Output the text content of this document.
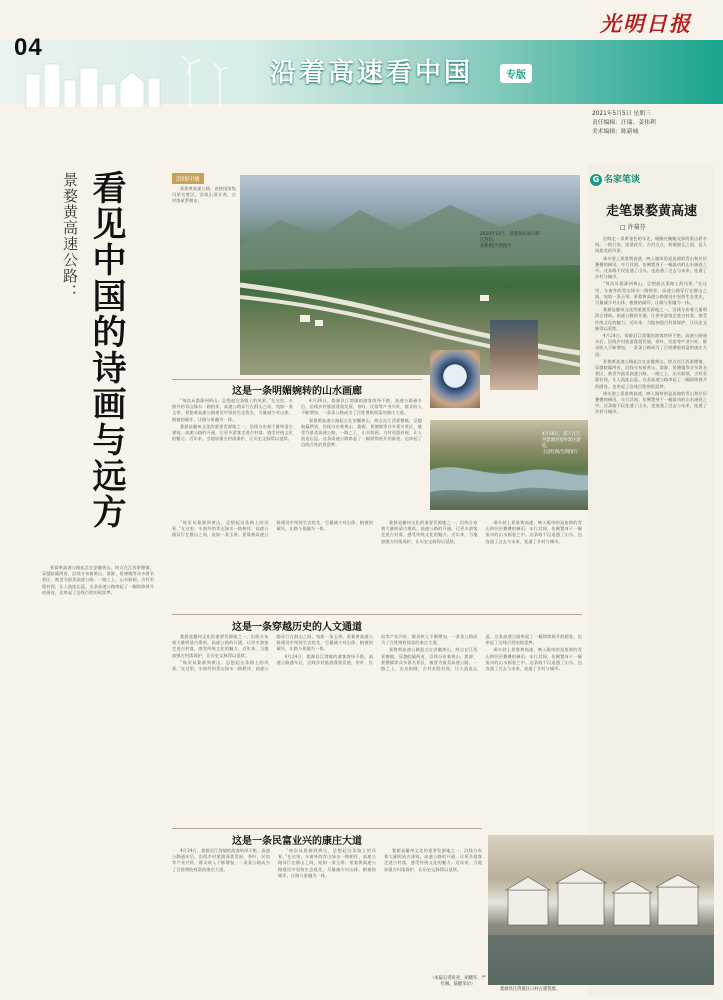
04
光明日报
沿着高速看中国	专版
2021年5月5日 星期三
责任编辑：汪瑞、姜伟利
美术编辑：陈新城
看见中国的诗画与远方
景婺黄高速公路：

景婺黄高速公路起点在安徽黄山，终点在江西景德镇，穿越皖赣两省，沿线分布着黄山、婺源、景德镇等众多著名景区，被誉为最美高速公路。一路之上，山水如画，古村若隐若现，让人流连忘返。这条高速公路串起了一幅徐徐展开的画卷，也串起了沿线百姓的致富梦。

沿线印象

景婺黄高速公路，连接国家级风景名胜区，沿线山清水秀，古村落星罗棋布。

2020年10月，景婺黄高速公路江西段。
胡新摄/光明图片
4月26日，游人在江西婺源县篁岭景区游览。
王国红摄/光明图片
这是一条明媚婉转的山水画廊

“每次从婺源到黄山，总想起这条路上的风景。”在这里，车窗外的青山绿水一路相伴，高速公路穿行在群山之间，宛如一条玉带。景婺黄高速公路建设中坚持生态优先，尽量减少对山体、植被的破坏，让路与景融为一体。

婺源是徽州文化的重要发源地之一，沿线分布着大量明清古建筑。高速公路的开通，让更多游客走进古村落，感受传统文化的魅力。近年来，当地加强古村落保护，让历史文脉得以延续。

4月24日，婺源县江湾镇的游客络绎不绝。高速公路通车后，沿线乡村旅游蓬勃发展，茶叶、民宿等产业兴旺，群众收入不断增加，一条条公路成为了百姓增收致富的康庄大道。

景婺黄高速公路起点在安徽黄山，终点在江西景德镇，穿越皖赣两省，沿线分布着黄山、婺源、景德镇等众多著名景区，被誉为最美高速公路。一路之上，山水如画，古村若隐若现，让人流连忘返。这条高速公路串起了一幅徐徐展开的画卷，也串起了沿线百姓的致富梦。

“每次从婺源到黄山，总想起这条路上的风景。”在这里，车窗外的青山绿水一路相伴，高速公路穿行在群山之间，宛如一条玉带。景婺黄高速公路建设中坚持生态优先，尽量减少对山体、植被的破坏，让路与景融为一体。

婺源是徽州文化的重要发源地之一，沿线分布着大量明清古建筑。高速公路的开通，让更多游客走进古村落，感受传统文化的魅力。近年来，当地加强古村落保护，让历史文脉得以延续。

乘车驶上景婺黄高速，映入眼帘的是连绵的青山和层层叠叠的梯田。车行其间，仿佛置身于一幅流动的山水画卷之中。这条路不仅连通了山水，也连通了过去与未来，连通了乡村与城市。

这是一条穿越历史的人文通道

婺源是徽州文化的重要发源地之一，沿线分布着大量明清古建筑。高速公路的开通，让更多游客走进古村落，感受传统文化的魅力。近年来，当地加强古村落保护，让历史文脉得以延续。

“每次从婺源到黄山，总想起这条路上的风景。”在这里，车窗外的青山绿水一路相伴，高速公路穿行在群山之间，宛如一条玉带。景婺黄高速公路建设中坚持生态优先，尽量减少对山体、植被的破坏，让路与景融为一体。

4月24日，婺源县江湾镇的游客络绎不绝。高速公路通车后，沿线乡村旅游蓬勃发展，茶叶、民宿等产业兴旺，群众收入不断增加，一条条公路成为了百姓增收致富的康庄大道。

景婺黄高速公路起点在安徽黄山，终点在江西景德镇，穿越皖赣两省，沿线分布着黄山、婺源、景德镇等众多著名景区，被誉为最美高速公路。一路之上，山水如画，古村若隐若现，让人流连忘返。这条高速公路串起了一幅徐徐展开的画卷，也串起了沿线百姓的致富梦。

乘车驶上景婺黄高速，映入眼帘的是连绵的青山和层层叠叠的梯田。车行其间，仿佛置身于一幅流动的山水画卷之中。这条路不仅连通了山水，也连通了过去与未来，连通了乡村与城市。

这是一条民富业兴的康庄大道

4月24日，婺源县江湾镇的游客络绎不绝。高速公路通车后，沿线乡村旅游蓬勃发展，茶叶、民宿等产业兴旺，群众收入不断增加，一条条公路成为了百姓增收致富的康庄大道。

“每次从婺源到黄山，总想起这条路上的风景。”在这里，车窗外的青山绿水一路相伴，高速公路穿行在群山之间，宛如一条玉带。景婺黄高速公路建设中坚持生态优先，尽量减少对山体、植被的破坏，让路与景融为一体。

婺源是徽州文化的重要发源地之一，沿线分布着大量明清古建筑。高速公路的开通，让更多游客走进古村落，感受传统文化的魅力。近年来，当地加强古村落保护，让历史文脉得以延续。

（本报记者张亮、胡晓军、严红枫、陆健采访）
G 名家笔谈
走笔景婺黄高速
□ 许菊芬

沿路走一条黄金色的东北，碰触在蜿蜒交界的景山碧水间。一路行来，油菜花开，古村点点，粉墙黛瓦之间，是人间最美的风景。

乘车驶上景婺黄高速，映入眼帘的是连绵的青山和层层叠叠的梯田。车行其间，仿佛置身于一幅流动的山水画卷之中。这条路不仅连通了山水，也连通了过去与未来，连通了乡村与城市。

“每次从婺源到黄山，总想起这条路上的风景。”在这里，车窗外的青山绿水一路相伴，高速公路穿行在群山之间，宛如一条玉带。景婺黄高速公路建设中坚持生态优先，尽量减少对山体、植被的破坏，让路与景融为一体。

婺源是徽州文化的重要发源地之一，沿线分布着大量明清古建筑。高速公路的开通，让更多游客走进古村落，感受传统文化的魅力。近年来，当地加强古村落保护，让历史文脉得以延续。

4月24日，婺源县江湾镇的游客络绎不绝。高速公路通车后，沿线乡村旅游蓬勃发展，茶叶、民宿等产业兴旺，群众收入不断增加，一条条公路成为了百姓增收致富的康庄大道。

景婺黄高速公路起点在安徽黄山，终点在江西景德镇，穿越皖赣两省，沿线分布着黄山、婺源、景德镇等众多著名景区，被誉为最美高速公路。一路之上，山水如画，古村若隐若现，让人流连忘返。这条高速公路串起了一幅徐徐展开的画卷，也串起了沿线百姓的致富梦。

乘车驶上景婺黄高速，映入眼帘的是连绵的青山和层层叠叠的梯田。车行其间，仿佛置身于一幅流动的山水画卷之中。这条路不仅连通了山水，也连通了过去与未来，连通了乡村与城市。

婺源县江湾镇汪口村古建筑群。
